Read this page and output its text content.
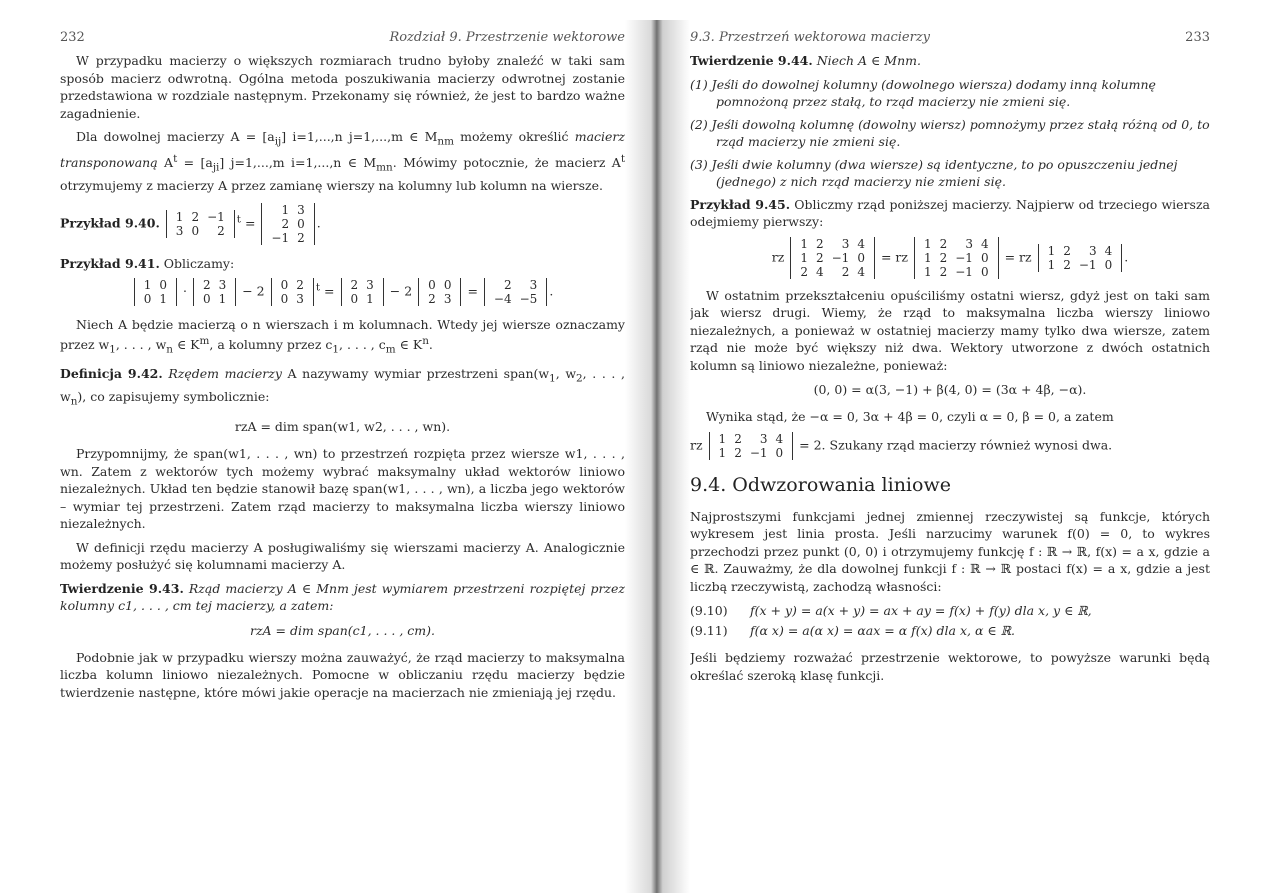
232	Rozdział 9. Przestrzenie wektorowe

W przypadku macierzy o większych rozmiarach trudno byłoby znaleźć w taki sam sposób macierz odwrotną. Ogólna metoda poszukiwania macierzy odwrotnej zostanie przedstawiona w rozdziale następnym. Przekonamy się również, że jest to bardzo ważne zagadnienie.

Dla dowolnej macierzy $A = [a_{ij}]$ i=1,...,n j=1,...,m ∈ $M_{nm}$ możemy określić macierz transponowaną $A^t = [a_{ji}]$ j=1,...,m i=1,...,n ∈ $M_{mn}$. Mówimy potocznie, że macierz $A^t$ otrzymujemy z macierzy A przez zamianę wierszy na kolumny lub kolumn na wiersze.

Przykład 9.40. 1	2	−1
3	0	2
$^t$ =
1	3
2	0
−1	2
.
Przykład 9.41. Obliczamy:
1	0
0	1
· 2	3
0	1
− 2 0	2
0	3
$^t$ = 2	3
0	1
− 2 0	0
2	3
= 2	3
−4	−5
.

Niech A będzie macierzą o n wierszach i m kolumnach. Wtedy jej wiersze oznaczamy przez $w_1$, . . . , $w_n$ ∈ $K^m$, a kolumny przez $c_1$, . . . , $c_m$ ∈ $K^n$.

Definicja 9.42. Rzędem macierzy A nazywamy wymiar przestrzeni $span(w_1$, $w_2$, . . . , $w_n$), co zapisujemy symbolicznie:

rzA = dim span(w1, w2, . . . , wn).

Przypomnijmy, że span(w1, . . . , wn) to przestrzeń rozpięta przez wiersze w1, . . . , wn. Zatem z wektorów tych możemy wybrać maksymalny układ wektorów liniowo niezależnych. Układ ten będzie stanowił bazę span(w1, . . . , wn), a liczba jego wektorów – wymiar tej przestrzeni. Zatem rząd macierzy to maksymalna liczba wierszy liniowo niezależnych.

W definicji rzędu macierzy A posługiwaliśmy się wierszami macierzy A. Analogicznie możemy posłużyć się kolumnami macierzy A.

Twierdzenie 9.43. Rząd macierzy A ∈ Mnm jest wymiarem przestrzeni rozpiętej przez kolumny c1, . . . , cm tej macierzy, a zatem:

rzA = dim span(c1, . . . , cm).

Podobnie jak w przypadku wierszy można zauważyć, że rząd macierzy to maksymalna liczba kolumn liniowo niezależnych. Pomocne w obliczaniu rzędu macierzy będzie twierdzenie następne, które mówi jakie operacje na macierzach nie zmieniają jej rzędu.

9.3. Przestrzeń wektorowa macierzy	233

Twierdzenie 9.44. Niech A ∈ Mnm.

(1) Jeśli do dowolnej kolumny (dowolnego wiersza) dodamy inną kolumnę pomnożoną przez stałą, to rząd macierzy nie zmieni się.
(2) Jeśli dowolną kolumnę (dowolny wiersz) pomnożymy przez stałą różną od 0, to rząd macierzy nie zmieni się.
(3) Jeśli dwie kolumny (dwa wiersze) są identyczne, to po opuszczeniu jednej (jednego) z nich rząd macierzy nie zmieni się.

Przykład 9.45. Obliczmy rząd poniższej macierzy. Najpierw od trzeciego wiersza odejmiemy pierwszy:

rz
1	2	3	4
1	2	−1	0
2	4	2	4
= rz
1	2	3	4
1	2	−1	0
1	2	−1	0
= rz 1	2	3	4
1	2	−1	0
.

W ostatnim przekształceniu opuściliśmy ostatni wiersz, gdyż jest on taki sam jak wiersz drugi. Wiemy, że rząd to maksymalna liczba wierszy liniowo niezależnych, a ponieważ w ostatniej macierzy mamy tylko dwa wiersze, zatem rząd nie może być większy niż dwa. Wektory utworzone z dwóch ostatnich kolumn są liniowo niezależne, ponieważ:

(0, 0) = α(3, −1) + β(4, 0) = (3α + 4β, −α).

Wynika stąd, że −α = 0, 3α + 4β = 0, czyli α = 0, β = 0, a zatem

rz 1	2	3	4
1	2	−1	0
= 2. Szukany rząd macierzy również wynosi dwa.

9.4. Odwzorowania liniowe

Najprostszymi funkcjami jednej zmiennej rzeczywistej są funkcje, których wykresem jest linia prosta. Jeśli narzucimy warunek f(0) = 0, to wykres przechodzi przez punkt (0, 0) i otrzymujemy funkcję f : ℝ → ℝ, f(x) = a x, gdzie a ∈ ℝ. Zauważmy, że dla dowolnej funkcji f : ℝ → ℝ postaci f(x) = a x, gdzie a jest liczbą rzeczywistą, zachodzą własności:

(9.10)	f(x + y) = a(x + y) = ax + ay = f(x) + f(y) dla x, y ∈ ℝ,
(9.11)	f(α x) = a(α x) = αax = α f(x) dla x, α ∈ ℝ.

Jeśli będziemy rozważać przestrzenie wektorowe, to powyższe warunki będą określać szeroką klasę funkcji.
